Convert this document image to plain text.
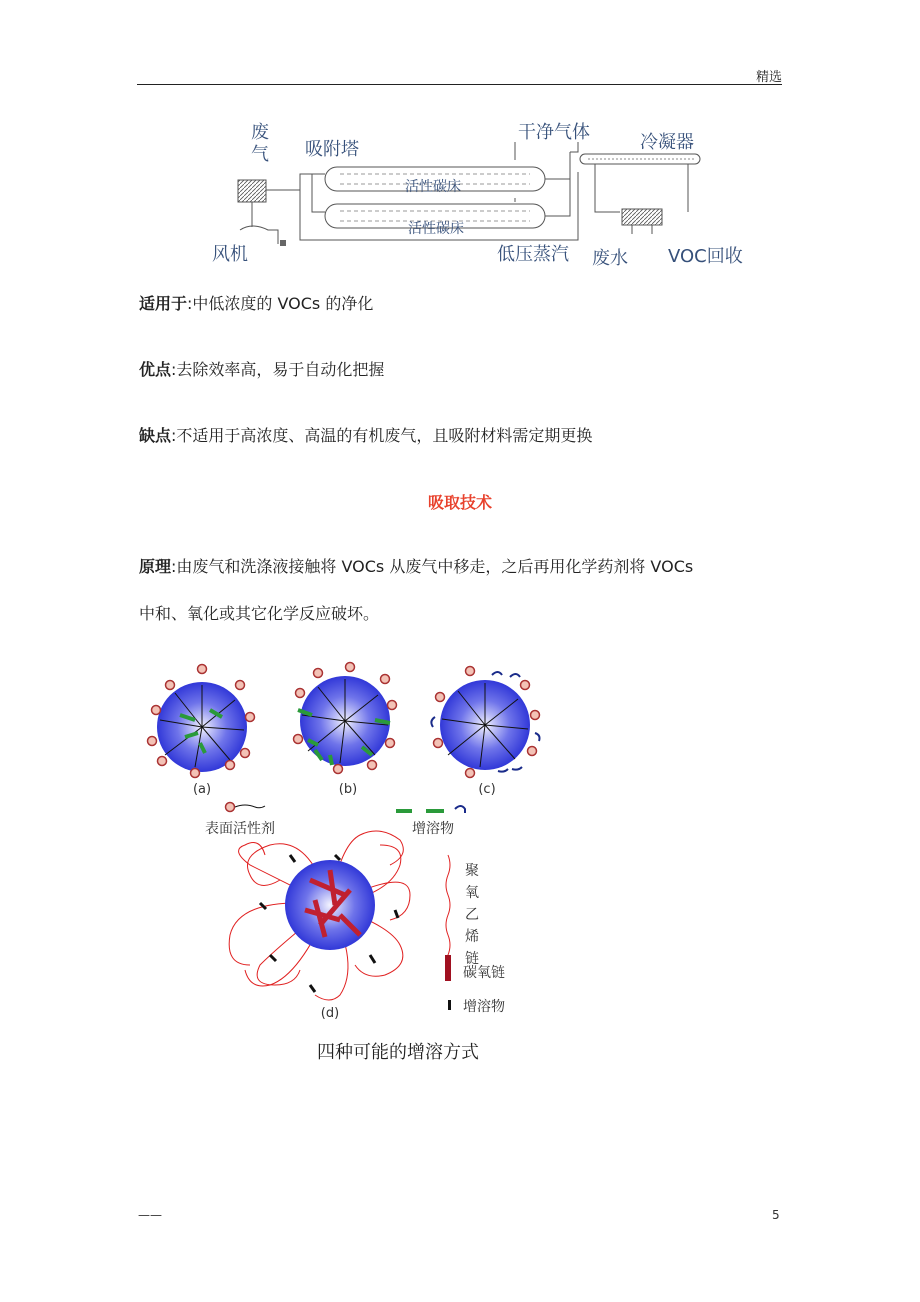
精选
废
气 吸附塔
干净气体	冷凝器
活性碳床
活性碳床
风机	低压蒸汽 废水 VOC回收
适用于:中低浓度的 VOCs 的净化
优点:去除效率高，易于自动化把握
缺点:不适用于高浓度、高温的有机废气，且吸附材料需定期更换
吸取技术
原理:由废气和洗涤液接触将 VOCs 从废气中移走，之后再用化学药剂将 VOCs
中和、氧化或其它化学反应破坏。
(a)	(b)	(c)
表面活性剂	增溶物
(d)
聚
氧
乙
烯
链
碳氧链
增溶物
四种可能的增溶方式
——	5
